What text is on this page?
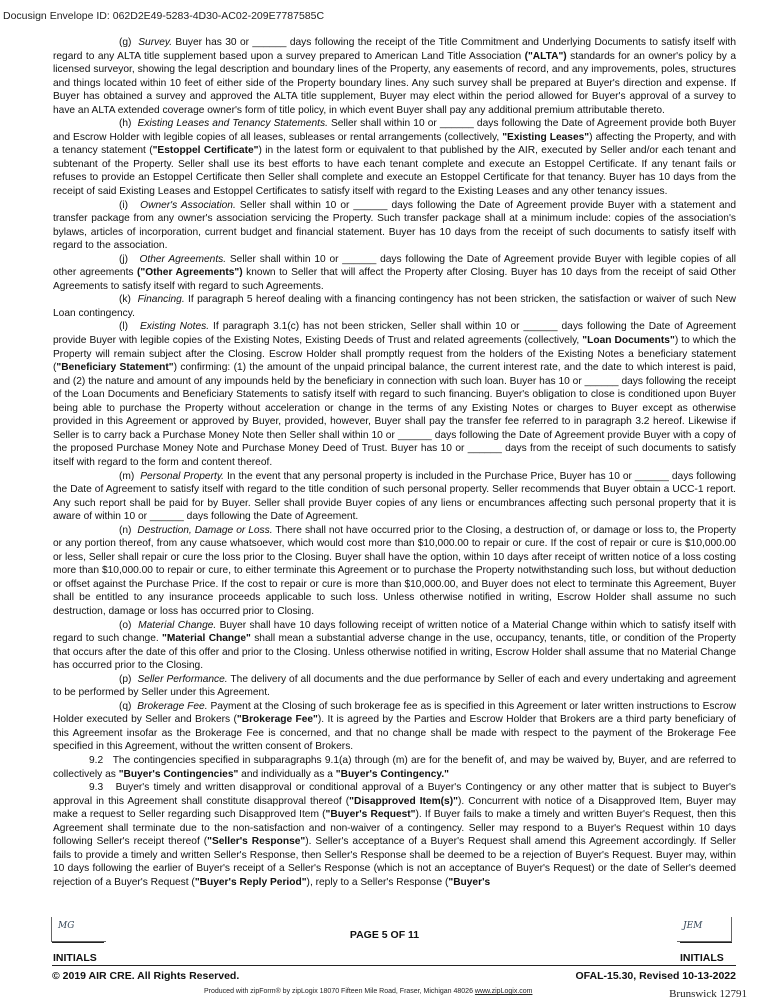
Docusign Envelope ID: 062D2E49-5283-4D30-AC02-209E7787585C

(g)  Survey. Buyer has 30 or ______ days following the receipt of the Title Commitment and Underlying Documents to satisfy itself with regard to any ALTA title supplement based upon a survey prepared to American Land Title Association ("ALTA") standards for an owner's policy by a licensed surveyor, showing the legal description and boundary lines of the Property, any easements of record, and any improvements, poles, structures and things located within 10 feet of either side of the Property boundary lines. Any such survey shall be prepared at Buyer's direction and expense. If Buyer has obtained a survey and approved the ALTA title supplement, Buyer may elect within the period allowed for Buyer's approval of a survey to have an ALTA extended coverage owner's form of title policy, in which event Buyer shall pay any additional premium attributable thereto.

(h)  Existing Leases and Tenancy Statements. Seller shall within 10 or ______ days following the Date of Agreement provide both Buyer and Escrow Holder with legible copies of all leases, subleases or rental arrangements (collectively, "Existing Leases") affecting the Property, and with a tenancy statement ("Estoppel Certificate") in the latest form or equivalent to that published by the AIR, executed by Seller and/or each tenant and subtenant of the Property. Seller shall use its best efforts to have each tenant complete and execute an Estoppel Certificate. If any tenant fails or refuses to provide an Estoppel Certificate then Seller shall complete and execute an Estoppel Certificate for that tenancy. Buyer has 10 days from the receipt of said Existing Leases and Estoppel Certificates to satisfy itself with regard to the Existing Leases and any other tenancy issues.

(i)   Owner's Association. Seller shall within 10 or ______ days following the Date of Agreement provide Buyer with a statement and transfer package from any owner's association servicing the Property. Such transfer package shall at a minimum include: copies of the association's bylaws, articles of incorporation, current budget and financial statement. Buyer has 10 days from the receipt of such documents to satisfy itself with regard to the association.

(j)   Other Agreements. Seller shall within 10 or ______ days following the Date of Agreement provide Buyer with legible copies of all other agreements ("Other Agreements") known to Seller that will affect the Property after Closing. Buyer has 10 days from the receipt of said Other Agreements to satisfy itself with regard to such Agreements.

(k)  Financing. If paragraph 5 hereof dealing with a financing contingency has not been stricken, the satisfaction or waiver of such New Loan contingency.

(l)   Existing Notes. If paragraph 3.1(c) has not been stricken, Seller shall within 10 or ______ days following the Date of Agreement provide Buyer with legible copies of the Existing Notes, Existing Deeds of Trust and related agreements (collectively, "Loan Documents") to which the Property will remain subject after the Closing. Escrow Holder shall promptly request from the holders of the Existing Notes a beneficiary statement ("Beneficiary Statement") confirming: (1) the amount of the unpaid principal balance, the current interest rate, and the date to which interest is paid, and (2) the nature and amount of any impounds held by the beneficiary in connection with such loan. Buyer has 10 or ______ days following the receipt of the Loan Documents and Beneficiary Statements to satisfy itself with regard to such financing. Buyer's obligation to close is conditioned upon Buyer being able to purchase the Property without acceleration or change in the terms of any Existing Notes or charges to Buyer except as otherwise provided in this Agreement or approved by Buyer, provided, however, Buyer shall pay the transfer fee referred to in paragraph 3.2 hereof. Likewise if Seller is to carry back a Purchase Money Note then Seller shall within 10 or ______ days following the Date of Agreement provide Buyer with a copy of the proposed Purchase Money Note and Purchase Money Deed of Trust. Buyer has 10 or ______ days from the receipt of such documents to satisfy itself with regard to the form and content thereof.

(m)  Personal Property. In the event that any personal property is included in the Purchase Price, Buyer has 10 or ______ days following the Date of Agreement to satisfy itself with regard to the title condition of such personal property. Seller recommends that Buyer obtain a UCC-1 report. Any such report shall be paid for by Buyer. Seller shall provide Buyer copies of any liens or encumbrances affecting such personal property that it is aware of within 10 or ______ days following the Date of Agreement.

(n)  Destruction, Damage or Loss. There shall not have occurred prior to the Closing, a destruction of, or damage or loss to, the Property or any portion thereof, from any cause whatsoever, which would cost more than $10,000.00 to repair or cure. If the cost of repair or cure is $10,000.00 or less, Seller shall repair or cure the loss prior to the Closing. Buyer shall have the option, within 10 days after receipt of written notice of a loss costing more than $10,000.00 to repair or cure, to either terminate this Agreement or to purchase the Property notwithstanding such loss, but without deduction or offset against the Purchase Price. If the cost to repair or cure is more than $10,000.00, and Buyer does not elect to terminate this Agreement, Buyer shall be entitled to any insurance proceeds applicable to such loss. Unless otherwise notified in writing, Escrow Holder shall assume no such destruction, damage or loss has occurred prior to Closing.

(o)  Material Change. Buyer shall have 10 days following receipt of written notice of a Material Change within which to satisfy itself with regard to such change. "Material Change" shall mean a substantial adverse change in the use, occupancy, tenants, title, or condition of the Property that occurs after the date of this offer and prior to the Closing. Unless otherwise notified in writing, Escrow Holder shall assume that no Material Change has occurred prior to the Closing.

(p)  Seller Performance. The delivery of all documents and the due performance by Seller of each and every undertaking and agreement to be performed by Seller under this Agreement.

(q)  Brokerage Fee. Payment at the Closing of such brokerage fee as is specified in this Agreement or later written instructions to Escrow Holder executed by Seller and Brokers ("Brokerage Fee"). It is agreed by the Parties and Escrow Holder that Brokers are a third party beneficiary of this Agreement insofar as the Brokerage Fee is concerned, and that no change shall be made with respect to the payment of the Brokerage Fee specified in this Agreement, without the written consent of Brokers.

9.2   The contingencies specified in subparagraphs 9.1(a) through (m) are for the benefit of, and may be waived by, Buyer, and are referred to collectively as "Buyer's Contingencies" and individually as a "Buyer's Contingency."

9.3   Buyer's timely and written disapproval or conditional approval of a Buyer's Contingency or any other matter that is subject to Buyer's approval in this Agreement shall constitute disapproval thereof ("Disapproved Item(s)"). Concurrent with notice of a Disapproved Item, Buyer may make a request to Seller regarding such Disapproved Item ("Buyer's Request"). If Buyer fails to make a timely and written Buyer's Request, then this Agreement shall terminate due to the non-satisfaction and non-waiver of a contingency. Seller may respond to a Buyer's Request within 10 days following Seller's receipt thereof ("Seller's Response"). Seller's acceptance of a Buyer's Request shall amend this Agreement accordingly. If Seller fails to provide a timely and written Seller's Response, then Seller's Response shall be deemed to be a rejection of Buyer's Request. Buyer may, within 10 days following the earlier of Buyer's receipt of a Seller's Response (which is not an acceptance of Buyer's Request) or the date of Seller's deemed rejection of a Buyer's Request ("Buyer's Reply Period"), reply to a Seller's Response ("Buyer's

MG
INITIALS
PAGE 5 OF 11
JEM
INITIALS
© 2019 AIR CRE. All Rights Reserved.	OFAL-15.30, Revised 10-13-2022
Produced with zipForm® by zipLogix 18070 Fifteen Mile Road, Fraser, Michigan 48026 www.zipLogix.com	Brunswick 12791
